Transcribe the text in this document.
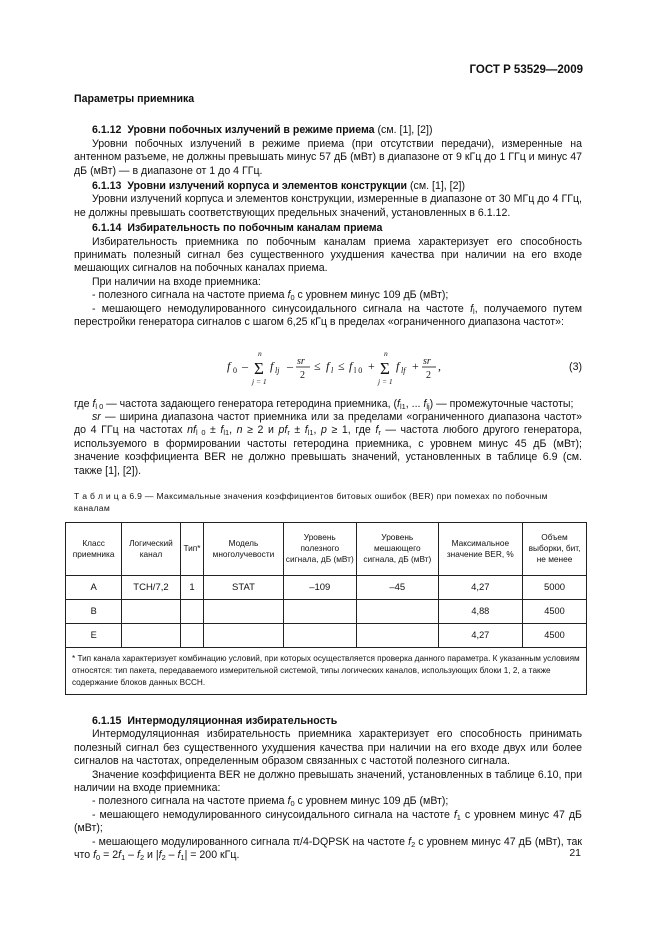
ГОСТ Р 53529—2009
Параметры приемника

6.1.12 Уровни побочных излучений в режиме приема (см. [1], [2])

Уровни побочных излучений в режиме приема (при отсутствии передачи), измеренные на антенном разъеме, не должны превышать минус 57 дБ (мВт) в диапазоне от 9 кГц до 1 ГГц и минус 47 дБ (мВт) — в диапазоне от 1 до 4 ГГц.

6.1.13 Уровни излучений корпуса и элементов конструкции (см. [1], [2])

Уровни излучений корпуса и элементов конструкции, измеренные в диапазоне от 30 МГц до 4 ГГц, не должны превышать соответствующих предельных значений, установленных в 6.1.12.

6.1.14 Избирательность по побочным каналам приема

Избирательность приемника по побочным каналам приема характеризует его способность принимать полезный сигнал без существенного ухудшения качества при наличии на его входе мешающих сигналов на побочных каналах приема.

При наличии на входе приемника:

- полезного сигнала на частоте приема $f_0$ с уровнем минус 109 дБ (мВт);

- мешающего немодулированного синусоидального сигнала на частоте $f_l$, получаемого путем перестройки генератора сигналов с шагом 6,25 кГц в пределах «ограниченного диапазона частот»:

f 0 – Σ
n
j = 1
f lj – sr
2
≤ f l ≤ f l 0 + Σ
n
j = 1
f lf + sr
2
,	(3)

где $f_{l 0}$ — частота задающего генератора гетеродина приемника, ($f_{l1}$, ... $f_{lj}$) — промежуточные частоты;

sr — ширина диапазона частот приемника или за пределами «ограниченного диапазона частот» до 4 ГГц на частотах $nf_{l 0} \pm f_{l1}$, n ≥ 2 и $pf_r \pm f_{l1}$, p ≥ 1, где $f_r$ — частота любого другого генератора, используемого в формировании частоты гетеродина приемника, с уровнем минус 45 дБ (мВт); значение коэффициента BER не должно превышать значений, установленных в таблице 6.9 (см. также [1], [2]).

Т а б л и ц а 6.9 — Максимальные значения коэффициентов битовых ошибок (BER) при помехах по побочным каналам
Класс приемника	Логический канал	Тип*	Модель многолучевости	Уровень полезного сигнала, дБ (мВт)	Уровень мешающего сигнала, дБ (мВт)	Максимальное значение BER, %	Объем выборки, бит, не менее
A	TCH/7,2	1	STAT	–109	–45	4,27	5000
B						4,88	4500
E						4,27	4500
* Тип канала характеризует комбинацию условий, при которых осуществляется проверка данного параметра. К указанным условиям относятся: тип пакета, передаваемого измерительной системой, типы логических каналов, использующих блоки 1, 2, а также содержание блоков данных BCCH.							

6.1.15 Интермодуляционная избирательность

Интермодуляционная избирательность приемника характеризует его способность принимать полезный сигнал без существенного ухудшения качества при наличии на его входе двух или более сигналов на частотах, определенным образом связанных с частотой полезного сигнала.

Значение коэффициента BER не должно превышать значений, установленных в таблице 6.10, при наличии на входе приемника:

- полезного сигнала на частоте приема $f_0$ с уровнем минус 109 дБ (мВт);

- мешающего немодулированного синусоидального сигнала на частоте $f_1$ с уровнем минус 47 дБ (мВт);

- мешающего модулированного сигнала π/4-DQPSK на частоте $f_2$ с уровнем минус 47 дБ (мВт), так что $f_0 = 2f_1 - f_2$ и $|f_2 - f_1| = 200$ кГц.	21
